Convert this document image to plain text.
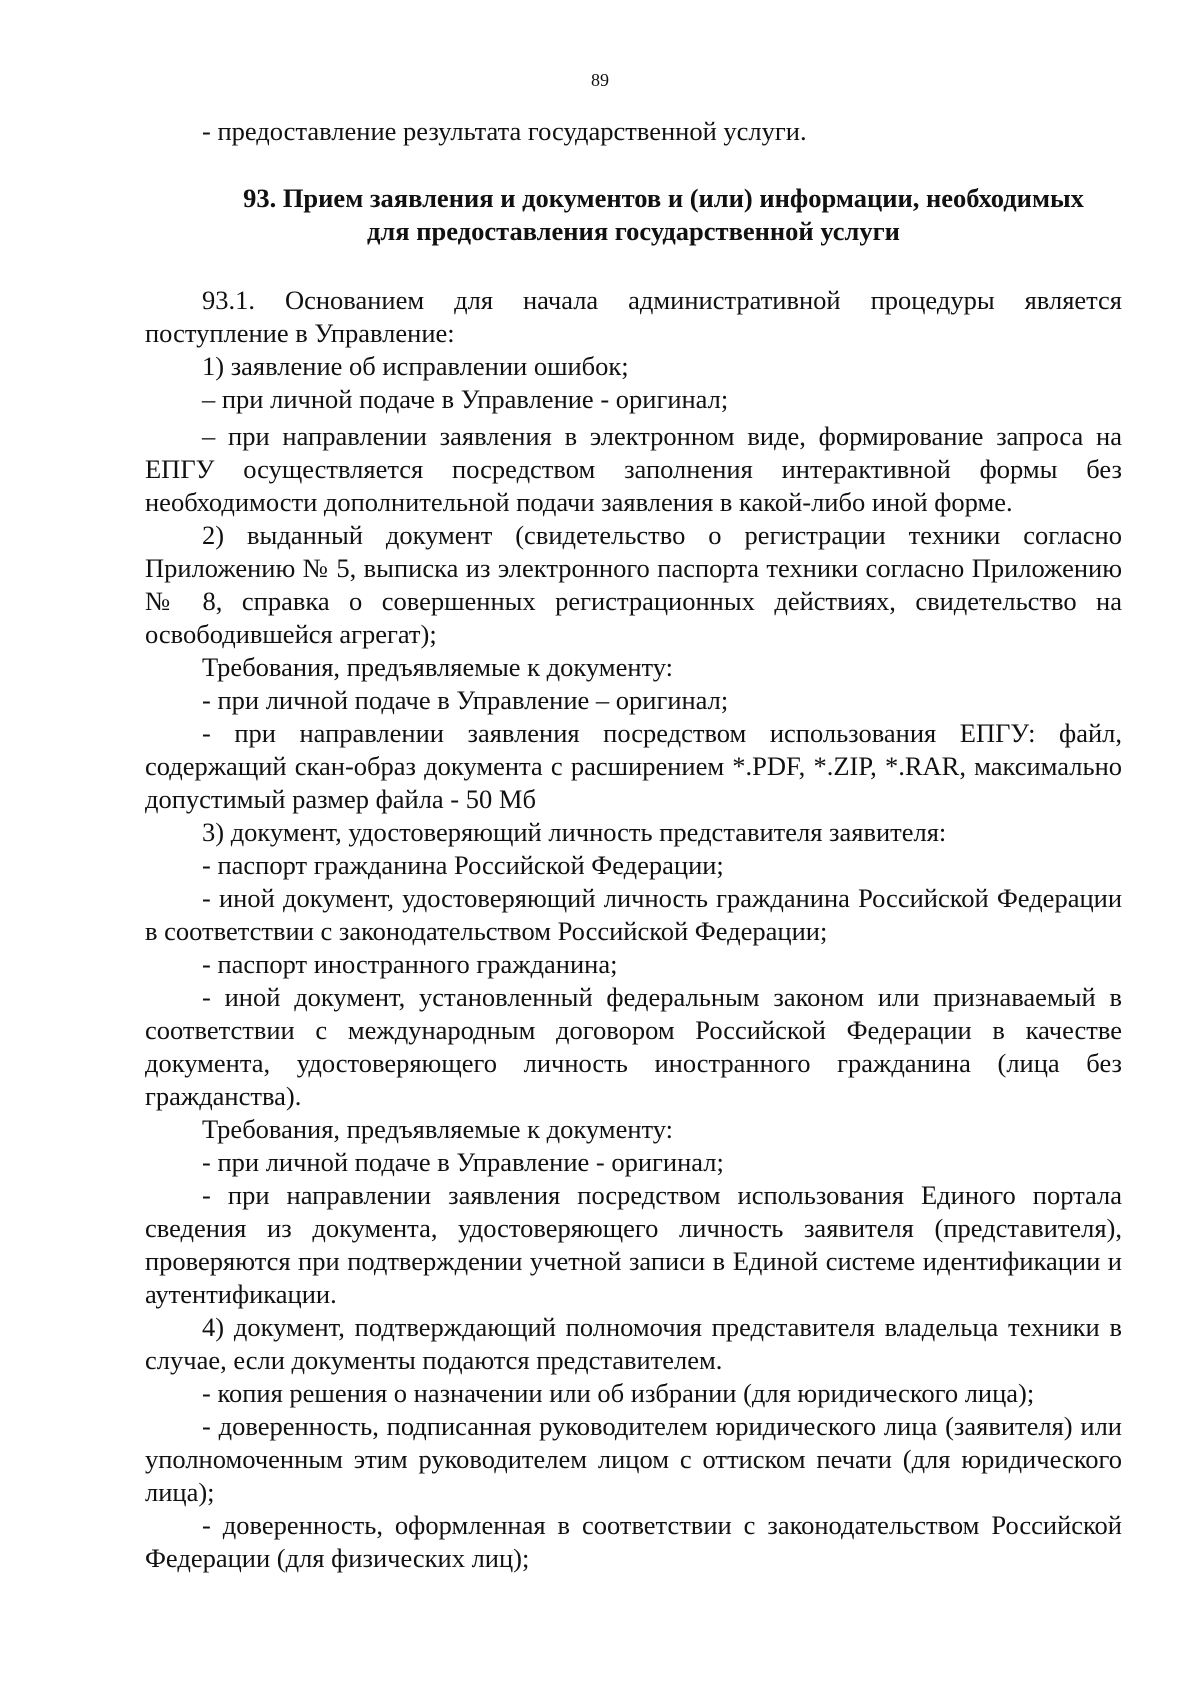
89

- предоставление результата государственной услуги.

93. Прием заявления и документов и (или) информации, необходимых
для предоставления государственной услуги

93.1. Основанием для начала административной процедуры является поступление в Управление:

1) заявление об исправлении ошибок;

– при личной подаче в Управление - оригинал;

– при направлении заявления в электронном виде, формирование запроса на ЕПГУ осуществляется посредством заполнения интерактивной формы без необходимости дополнительной подачи заявления в какой-либо иной форме.

2) выданный документ (свидетельство о регистрации техники согласно Приложению № 5, выписка из электронного паспорта техники согласно Приложению № 8, справка о совершенных регистрационных действиях, свидетельство на освободившейся агрегат);

Требования, предъявляемые к документу:

- при личной подаче в Управление – оригинал;

- при направлении заявления посредством использования ЕПГУ: файл, содержащий скан-образ документа с расширением *.PDF, *.ZIP, *.RAR, максимально допустимый размер файла - 50 Мб

3) документ, удостоверяющий личность представителя заявителя:

- паспорт гражданина Российской Федерации;

- иной документ, удостоверяющий личность гражданина Российской Федерации в соответствии с законодательством Российской Федерации;

- паспорт иностранного гражданина;

- иной документ, установленный федеральным законом или признаваемый в соответствии с международным договором Российской Федерации в качестве документа, удостоверяющего личность иностранного гражданина (лица без гражданства).

Требования, предъявляемые к документу:

- при личной подаче в Управление - оригинал;

- при направлении заявления посредством использования Единого портала сведения из документа, удостоверяющего личность заявителя (представителя), проверяются при подтверждении учетной записи в Единой системе идентификации и аутентификации.

4) документ, подтверждающий полномочия представителя владельца техники в случае, если документы подаются представителем.

- копия решения о назначении или об избрании (для юридического лица);

- доверенность, подписанная руководителем юридического лица (заявителя) или уполномоченным этим руководителем лицом с оттиском печати (для юридического лица);

- доверенность, оформленная в соответствии с законодательством Российской Федерации (для физических лиц);
